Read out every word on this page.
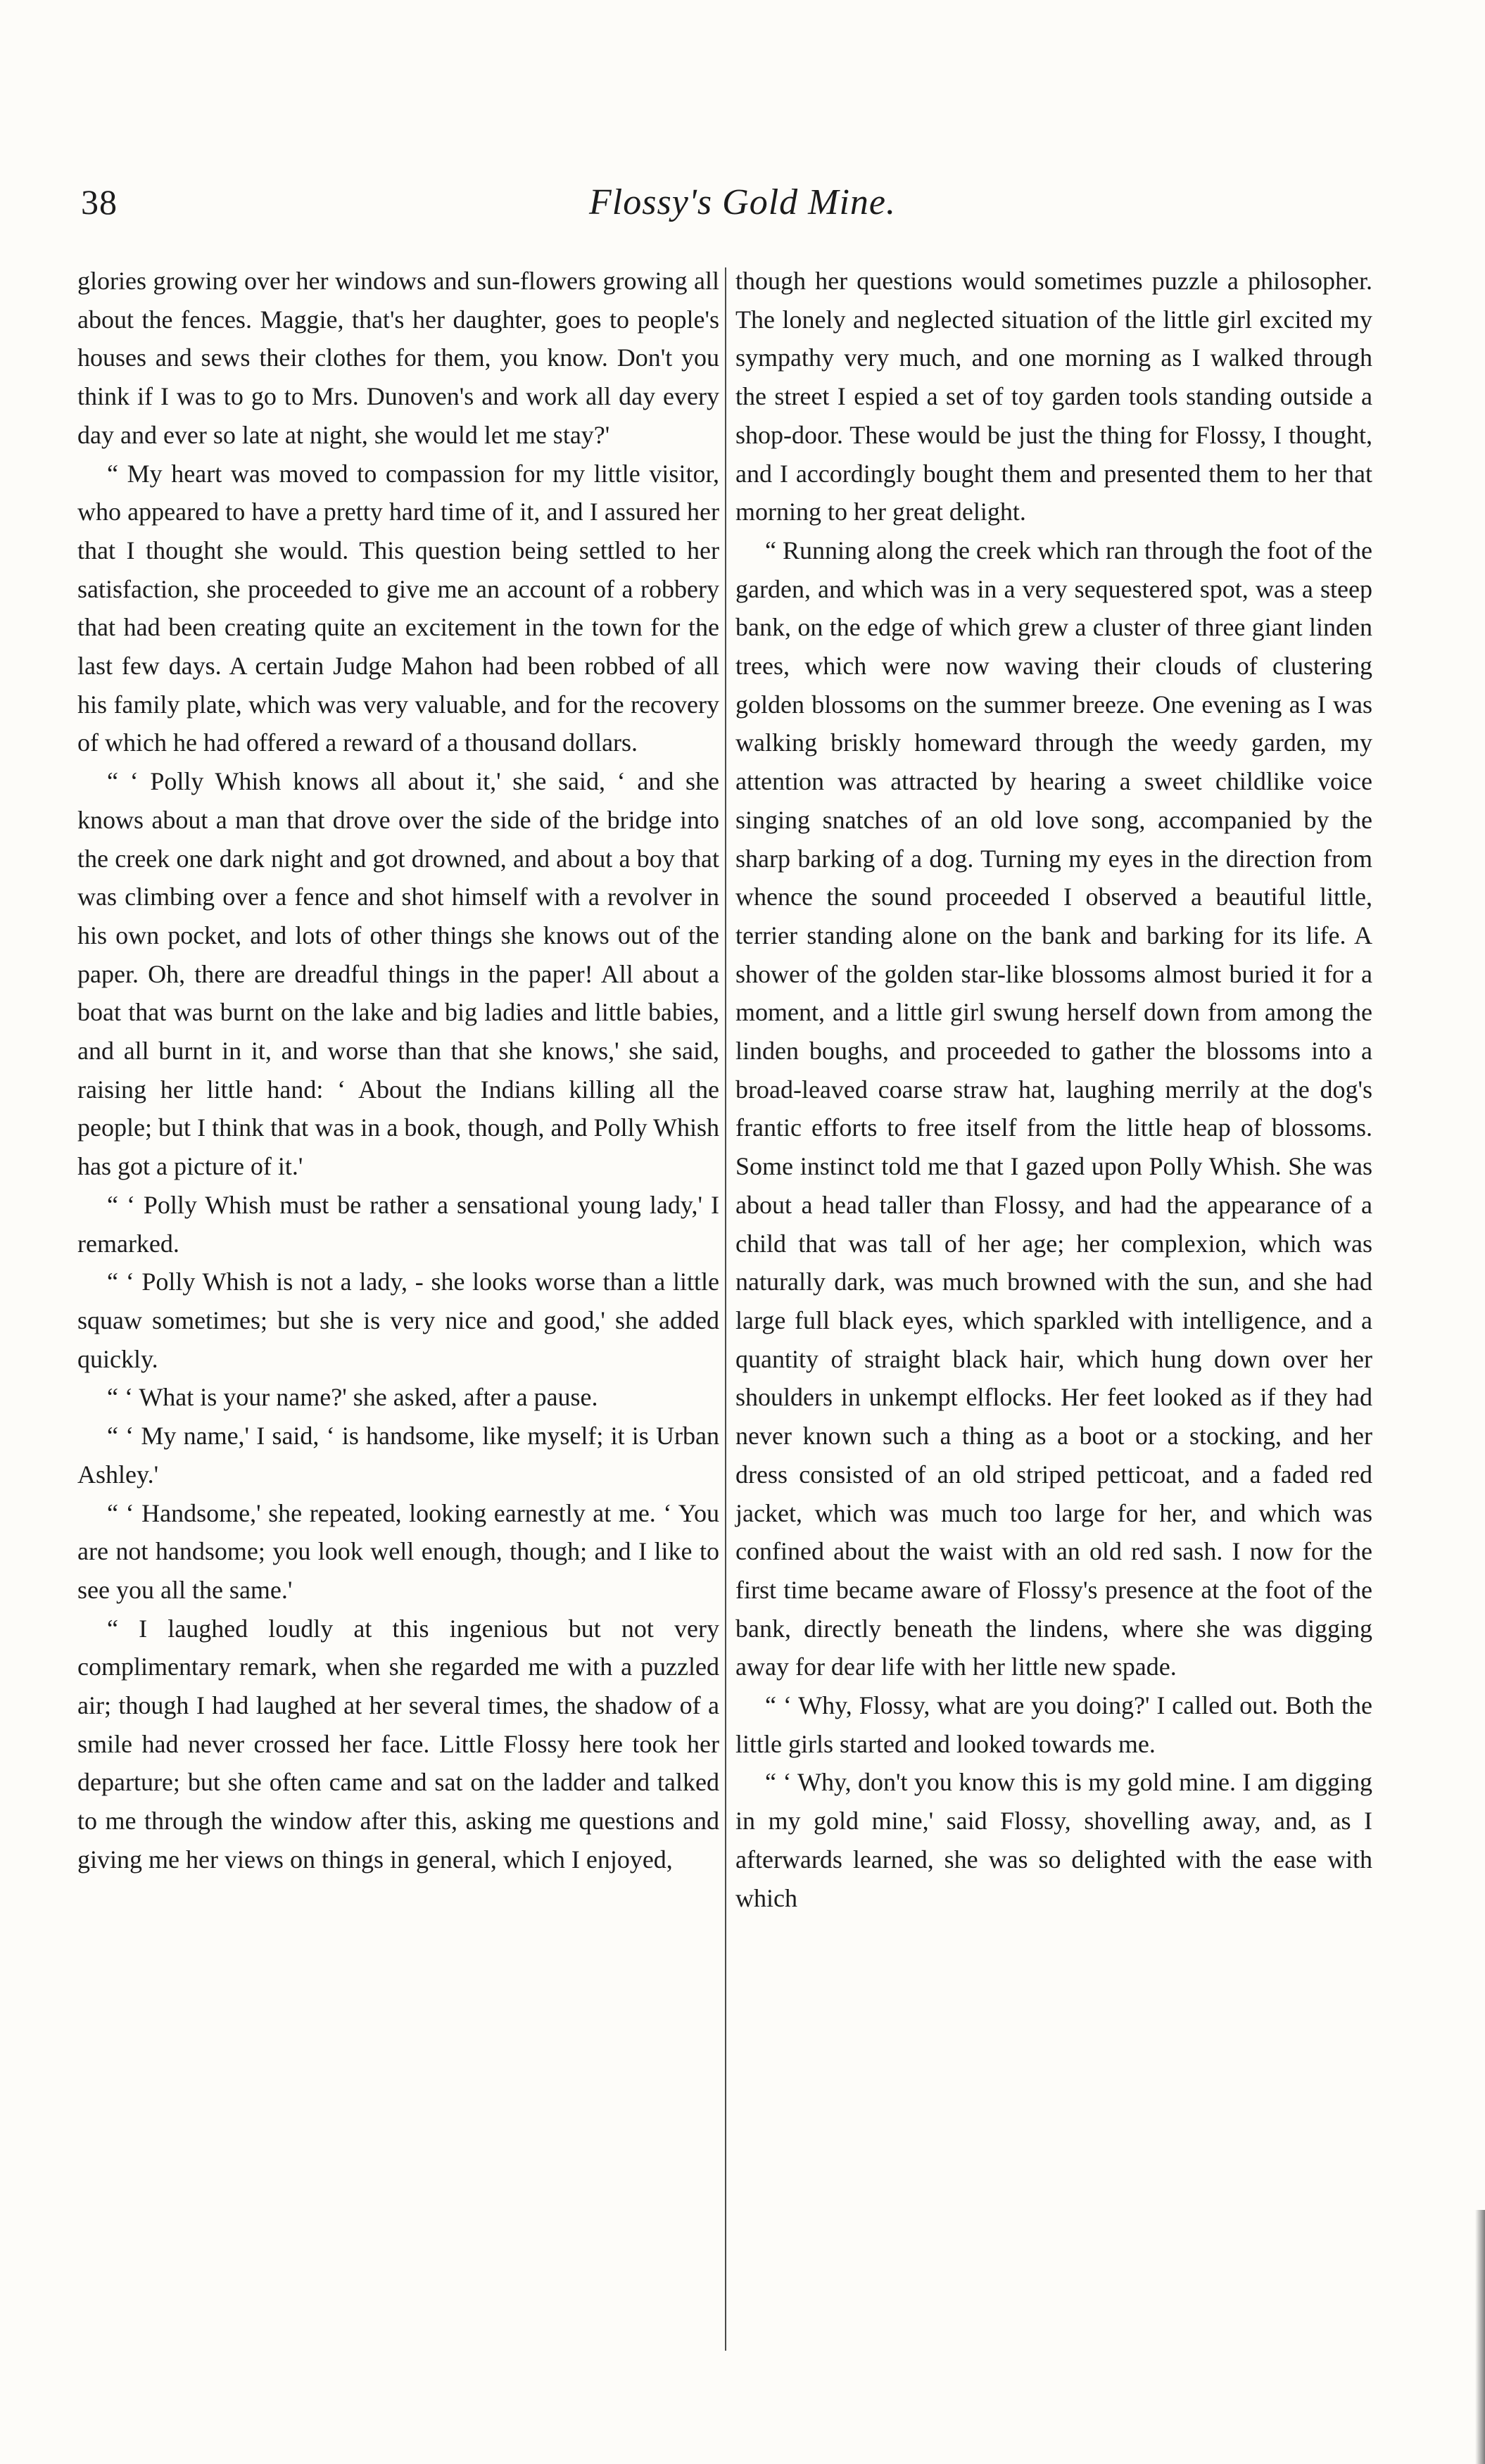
38	Flossy's Gold Mine.

glories growing over her windows and sun-flowers growing all about the fences. Maggie, that's her daughter, goes to people's houses and sews their clothes for them, you know. Don't you think if I was to go to Mrs. Dunoven's and work all day every day and ever so late at night, she would let me stay?'

“ My heart was moved to compassion for my little visitor, who appeared to have a pretty hard time of it, and I assured her that I thought she would. This question being settled to her satisfaction, she proceeded to give me an account of a robbery that had been creating quite an excitement in the town for the last few days. A certain Judge Mahon had been robbed of all his family plate, which was very valuable, and for the recovery of which he had offered a reward of a thousand dollars.

“ ‘ Polly Whish knows all about it,' she said, ‘ and she knows about a man that drove over the side of the bridge into the creek one dark night and got drowned, and about a boy that was climbing over a fence and shot himself with a revolver in his own pocket, and lots of other things she knows out of the paper. Oh, there are dreadful things in the paper! All about a boat that was burnt on the lake and big ladies and little babies, and all burnt in it, and worse than that she knows,' she said, raising her little hand: ‘ About the Indians killing all the people; but I think that was in a book, though, and Polly Whish has got a picture of it.'

“ ‘ Polly Whish must be rather a sensational young lady,' I remarked.

“ ‘ Polly Whish is not a lady, - she looks worse than a little squaw sometimes; but she is very nice and good,' she added quickly.

“ ‘ What is your name?' she asked, after a pause.

“ ‘ My name,' I said, ‘ is handsome, like myself; it is Urban Ashley.'

“ ‘ Handsome,' she repeated, looking earnestly at me. ‘ You are not handsome; you look well enough, though; and I like to see you all the same.'

“ I laughed loudly at this ingenious but not very complimentary remark, when she regarded me with a puzzled air; though I had laughed at her several times, the shadow of a smile had never crossed her face. Little Flossy here took her departure; but she often came and sat on the ladder and talked to me through the window after this, asking me questions and giving me her views on things in general, which I enjoyed,

though her questions would sometimes puzzle a philosopher. The lonely and neglected situation of the little girl excited my sympathy very much, and one morning as I walked through the street I espied a set of toy garden tools standing outside a shop-door. These would be just the thing for Flossy, I thought, and I accordingly bought them and presented them to her that morning to her great delight.

“ Running along the creek which ran through the foot of the garden, and which was in a very sequestered spot, was a steep bank, on the edge of which grew a cluster of three giant linden trees, which were now waving their clouds of clustering golden blossoms on the summer breeze. One evening as I was walking briskly homeward through the weedy garden, my attention was attracted by hearing a sweet childlike voice singing snatches of an old love song, accompanied by the sharp barking of a dog. Turning my eyes in the direction from whence the sound proceeded I observed a beautiful little, terrier standing alone on the bank and barking for its life. A shower of the golden star-like blossoms almost buried it for a moment, and a little girl swung herself down from among the linden boughs, and proceeded to gather the blossoms into a broad-leaved coarse straw hat, laughing merrily at the dog's frantic efforts to free itself from the little heap of blossoms. Some instinct told me that I gazed upon Polly Whish. She was about a head taller than Flossy, and had the appearance of a child that was tall of her age; her complexion, which was naturally dark, was much browned with the sun, and she had large full black eyes, which sparkled with intelligence, and a quantity of straight black hair, which hung down over her shoulders in unkempt elflocks. Her feet looked as if they had never known such a thing as a boot or a stocking, and her dress consisted of an old striped petticoat, and a faded red jacket, which was much too large for her, and which was confined about the waist with an old red sash. I now for the first time became aware of Flossy's presence at the foot of the bank, directly beneath the lindens, where she was digging away for dear life with her little new spade.

“ ‘ Why, Flossy, what are you doing?' I called out. Both the little girls started and looked towards me.

“ ‘ Why, don't you know this is my gold mine. I am digging in my gold mine,' said Flossy, shovelling away, and, as I afterwards learned, she was so delighted with the ease with which
